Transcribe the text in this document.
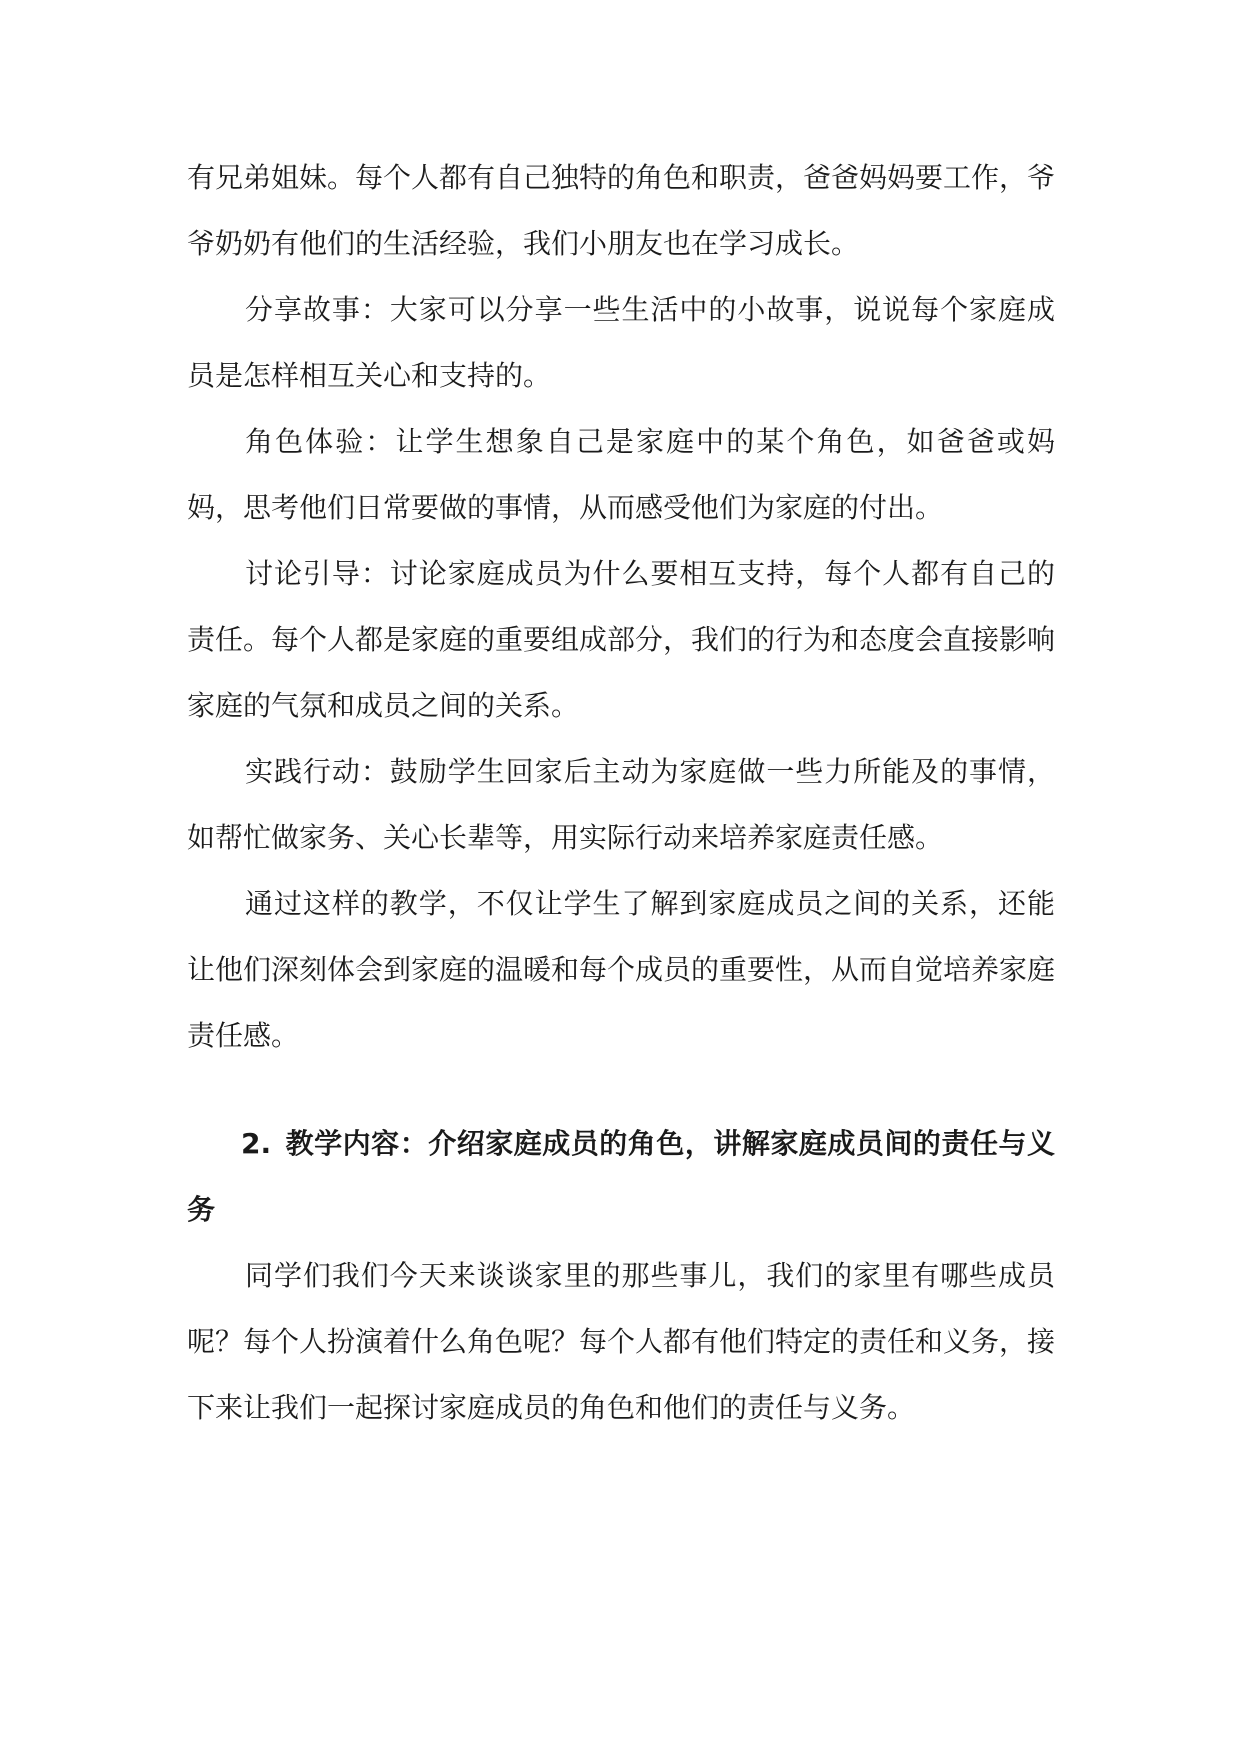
有兄弟姐妹。每个人都有自己独特的角色和职责，爸爸妈妈要工作，爷爷奶奶有他们的生活经验，我们小朋友也在学习成长。

分享故事：大家可以分享一些生活中的小故事，说说每个家庭成员是怎样相互关心和支持的。

角色体验：让学生想象自己是家庭中的某个角色，如爸爸或妈妈，思考他们日常要做的事情，从而感受他们为家庭的付出。

讨论引导：讨论家庭成员为什么要相互支持，每个人都有自己的责任。每个人都是家庭的重要组成部分，我们的行为和态度会直接影响家庭的气氛和成员之间的关系。

实践行动：鼓励学生回家后主动为家庭做一些力所能及的事情，如帮忙做家务、关心长辈等，用实际行动来培养家庭责任感。

通过这样的教学，不仅让学生了解到家庭成员之间的关系，还能让他们深刻体会到家庭的温暖和每个成员的重要性，从而自觉培养家庭责任感。

2. 教学内容：介绍家庭成员的角色，讲解家庭成员间的责任与义务

同学们我们今天来谈谈家里的那些事儿，我们的家里有哪些成员呢？每个人扮演着什么角色呢？每个人都有他们特定的责任和义务，接下来让我们一起探讨家庭成员的角色和他们的责任与义务。
